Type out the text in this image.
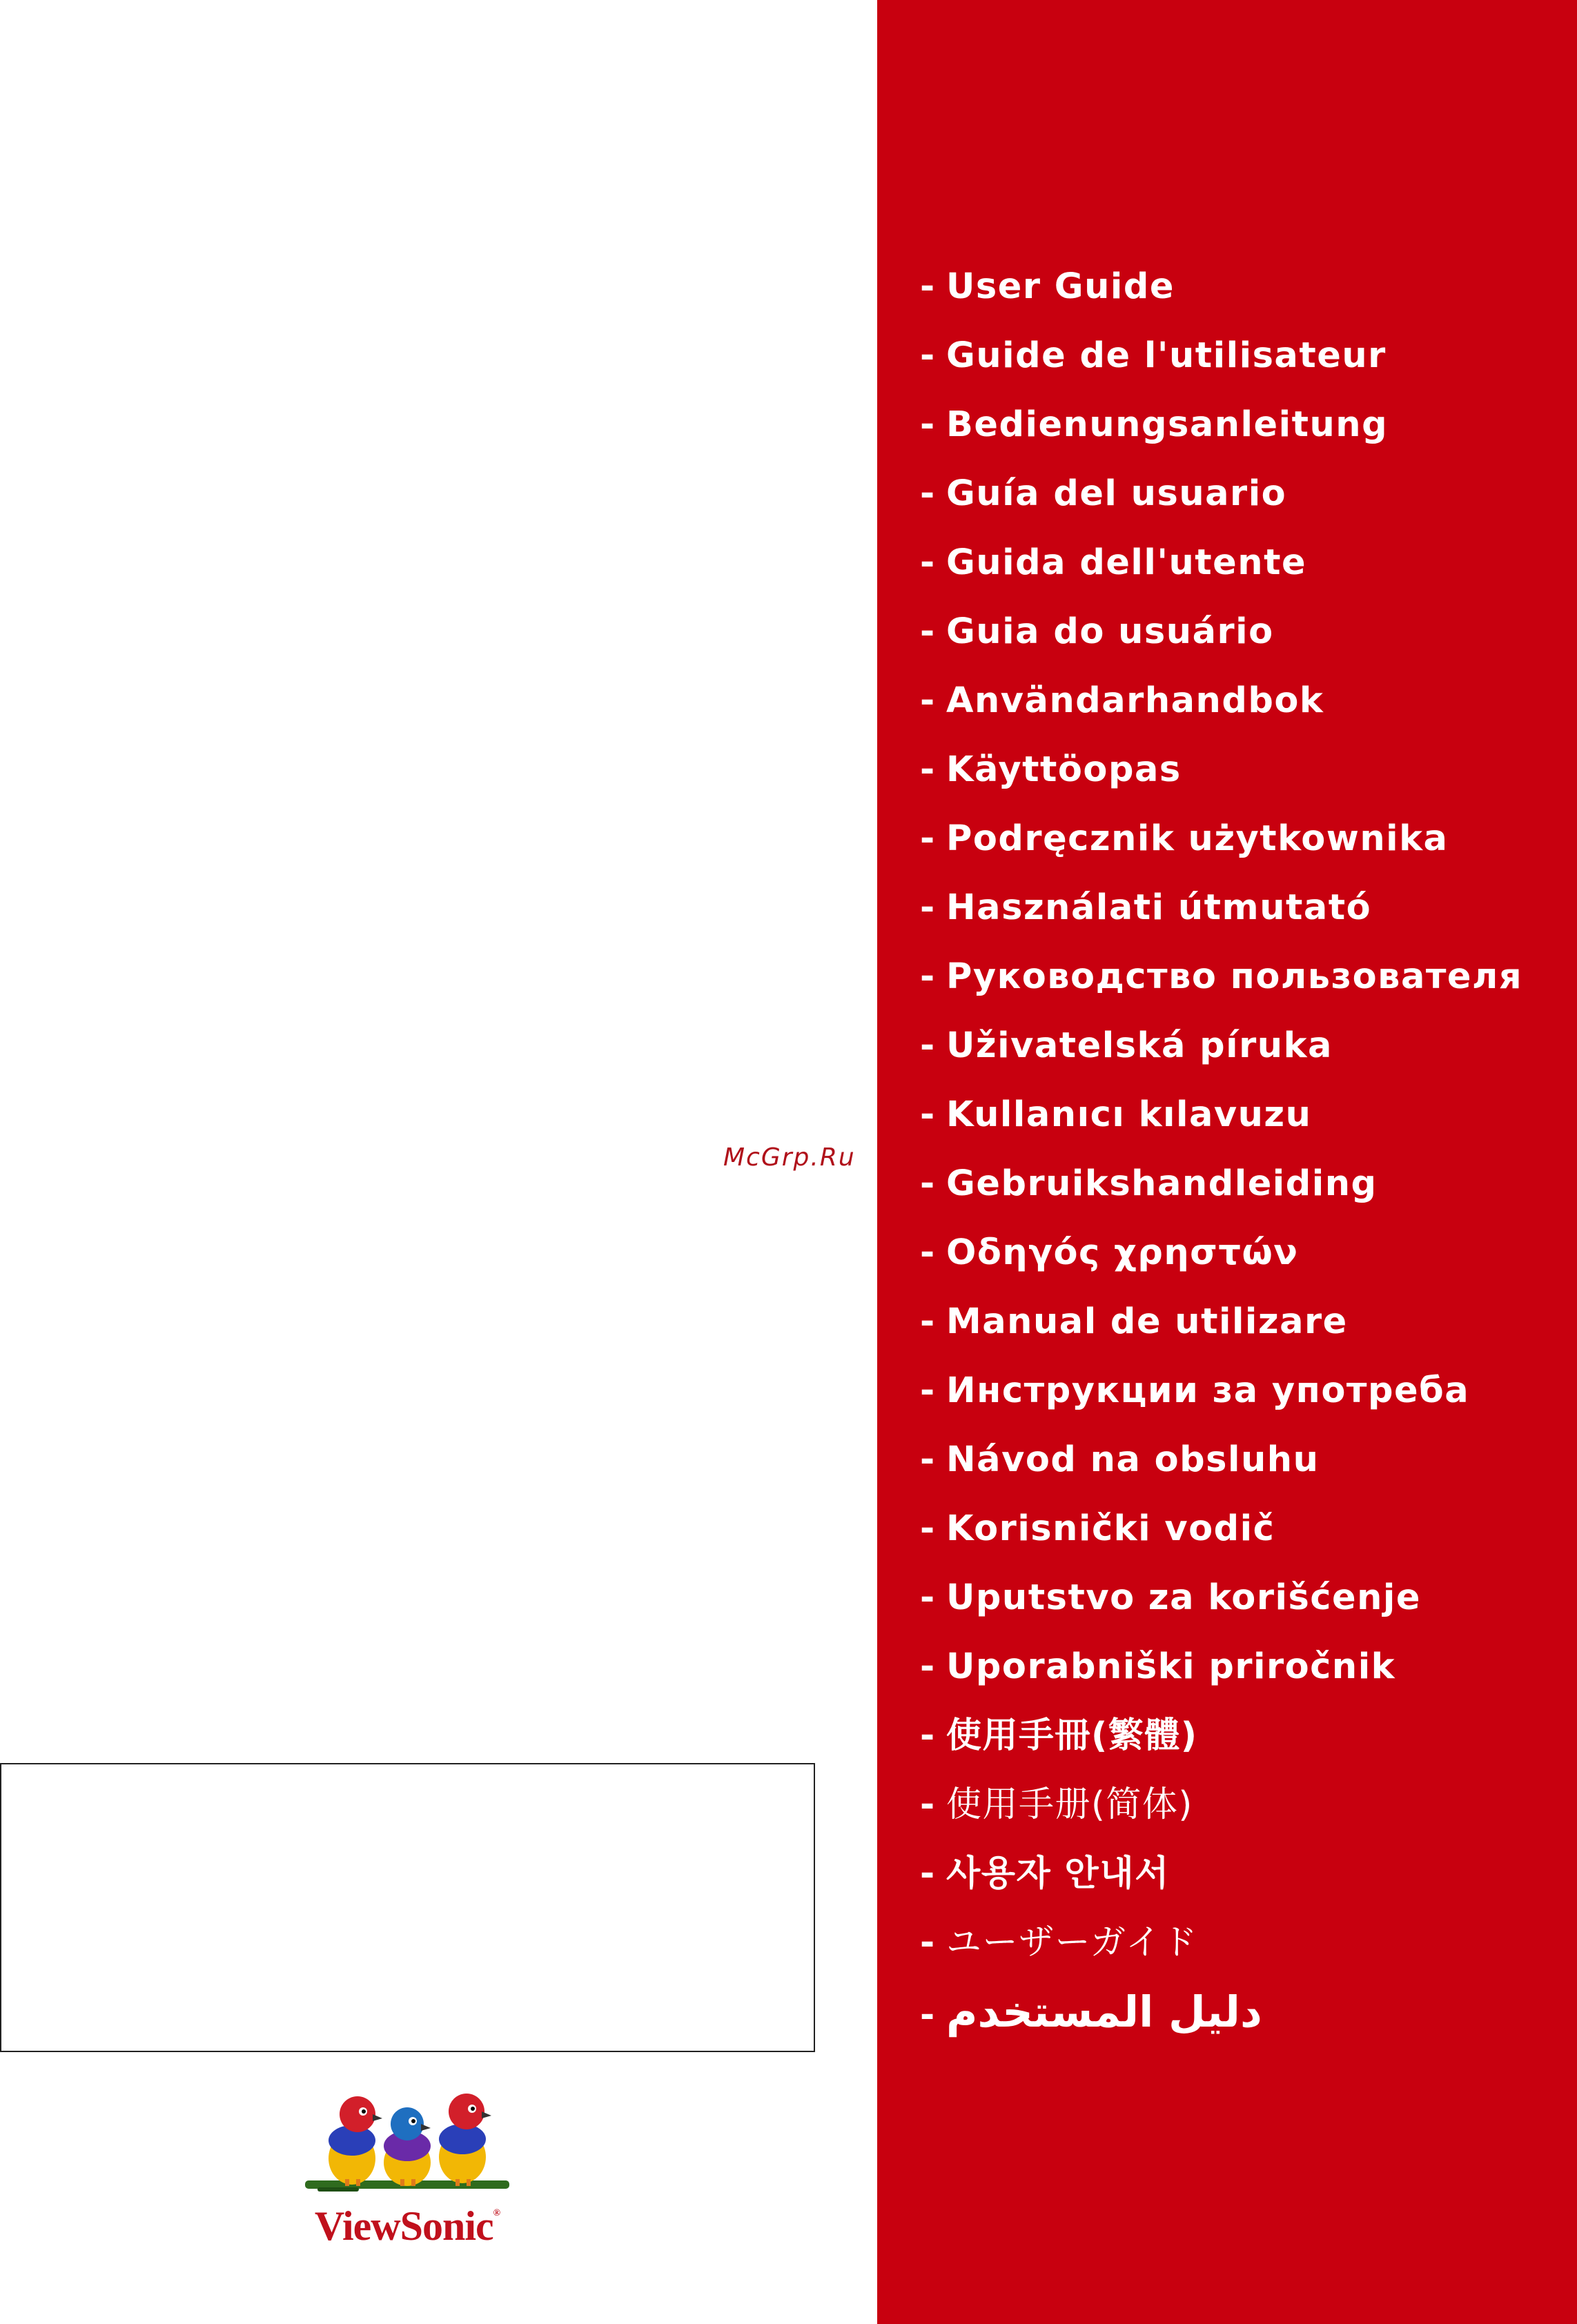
- User Guide
- Guide de l'utilisateur
- Bedienungsanleitung
- Guía del usuario
- Guida dell'utente
- Guia do usuário
- Användarhandbok
- Käyttöopas
- Podręcznik użytkownika
- Használati útmutató
- Руководство пользователя
- Uživatelská píruka
- Kullanıcı kılavuzu
- Gebruikshandleiding
- Οδηγός χρηστών
- Manual de utilizare
- Инструкции за употреба
- Návod na obsluhu
- Korisnički vodič
- Uputstvo za korišćenje
- Uporabniški priročnik
- 使用手冊(繁體)
- 使用手册(简体)
- 사용자 안내서
- ユーザーガイド
- دليل المستخدم
McGrp.Ru
ViewSonic®
